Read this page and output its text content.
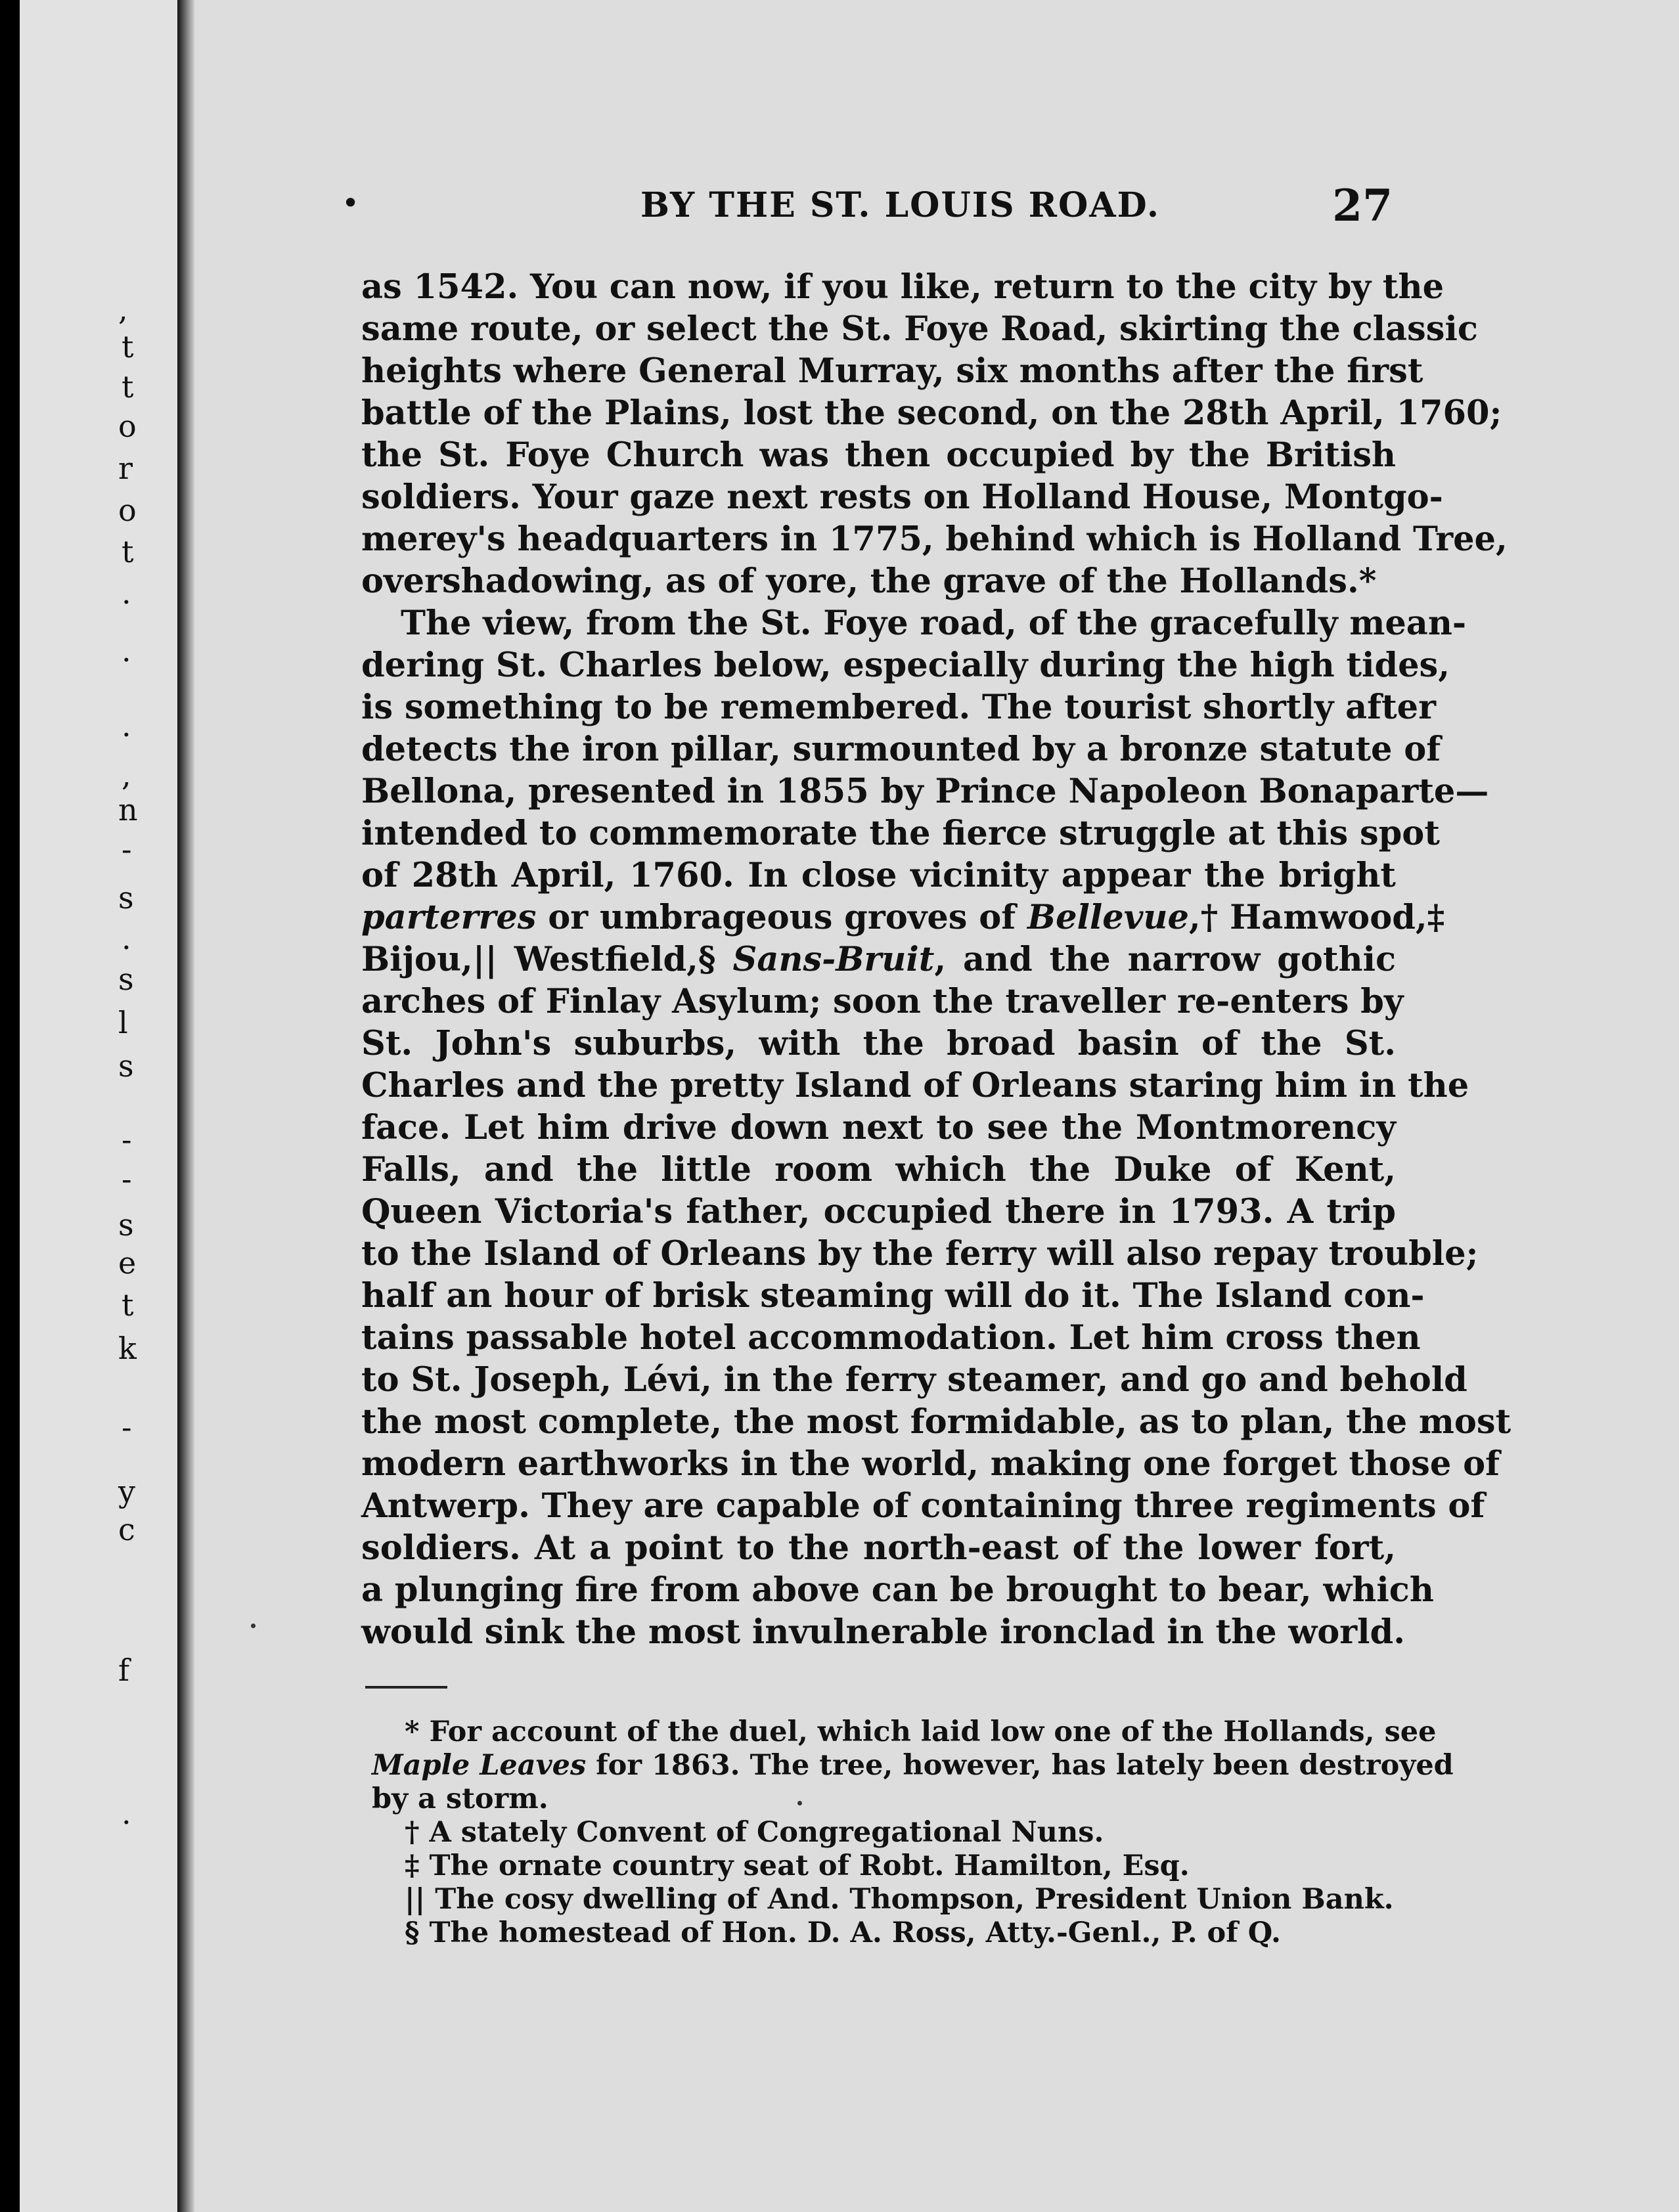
,
t
t
o
r
o
t
.
.
.
,
n
-
s
.
s
l
s
-
-
s
e
t
k
-
y
c
f
.
•	BY THE ST. LOUIS ROAD.	27
as 1542. You can now, if you like, return to the city by the
same route, or select the St. Foye Road, skirting the classic
heights where General Murray, six months after the first
battle of the Plains, lost the second, on the 28th April, 1760;
the St. Foye Church was then occupied by the British
soldiers. Your gaze next rests on Holland House, Montgo-
merey's headquarters in 1775, behind which is Holland Tree,
overshadowing, as of yore, the grave of the Hollands.*
The view, from the St. Foye road, of the gracefully mean-
dering St. Charles below, especially during the high tides,
is something to be remembered. The tourist shortly after
detects the iron pillar, surmounted by a bronze statute of
Bellona, presented in 1855 by Prince Napoleon Bonaparte—
intended to commemorate the fierce struggle at this spot
of 28th April, 1760. In close vicinity appear the bright
parterres or umbrageous groves of Bellevue,† Hamwood,‡
Bijou,|| Westfield,§ Sans-Bruit, and the narrow gothic
arches of Finlay Asylum; soon the traveller re-enters by
St. John's suburbs, with the broad basin of the St.
Charles and the pretty Island of Orleans staring him in the
face. Let him drive down next to see the Montmorency
Falls, and the little room which the Duke of Kent,
Queen Victoria's father, occupied there in 1793. A trip
to the Island of Orleans by the ferry will also repay trouble;
half an hour of brisk steaming will do it. The Island con-
tains passable hotel accommodation. Let him cross then
to St. Joseph, Lévi, in the ferry steamer, and go and behold
the most complete, the most formidable, as to plan, the most
modern earthworks in the world, making one forget those of
Antwerp. They are capable of containing three regiments of
soldiers. At a point to the north-east of the lower fort,
a plunging fire from above can be brought to bear, which
would sink the most invulnerable ironclad in the world.
* For account of the duel, which laid low one of the Hollands, see
Maple Leaves for 1863. The tree, however, has lately been destroyed
by a storm.
† A stately Convent of Congregational Nuns.
‡ The ornate country seat of Robt. Hamilton, Esq.
|| The cosy dwelling of And. Thompson, President Union Bank.
§ The homestead of Hon. D. A. Ross, Atty.-Genl., P. of Q.
